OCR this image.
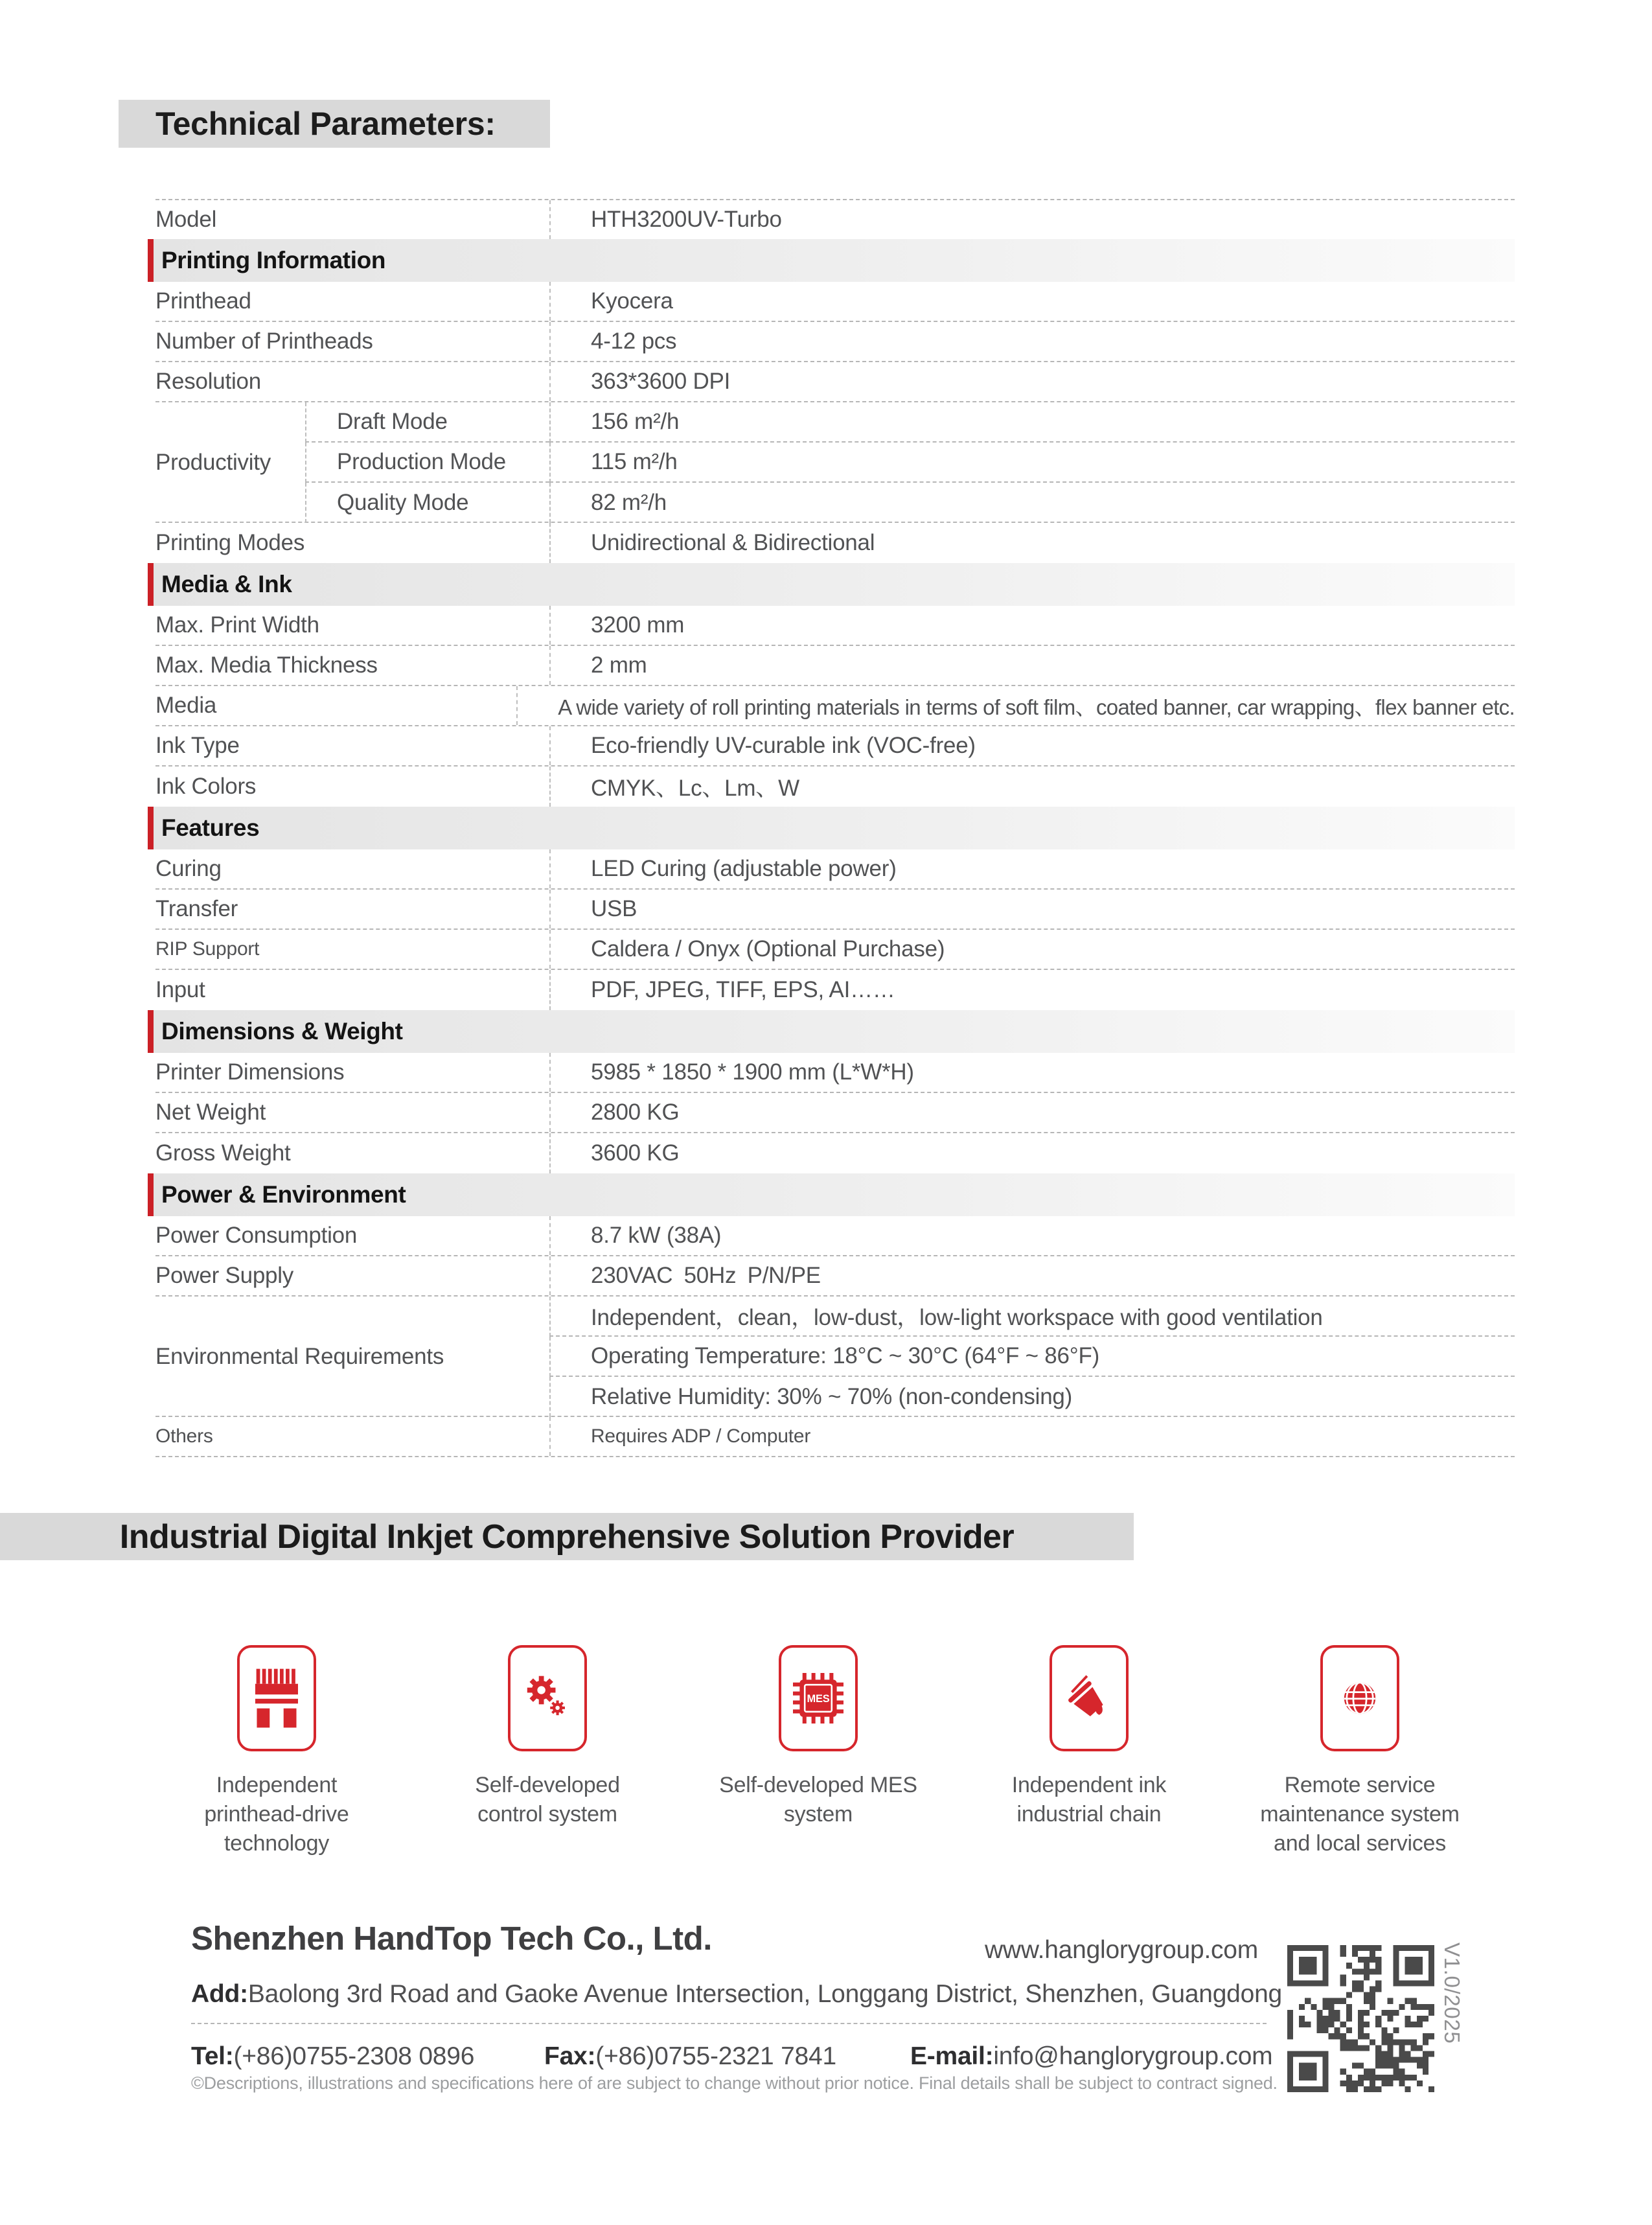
Technical Parameters:
Model	HTH3200UV-Turbo
Printing Information
Printhead	Kyocera
Number of Printheads	4-12 pcs
Resolution	363*3600 DPI
Productivity
Draft Mode	156 m²/h
Production Mode	115 m²/h
Quality Mode	82 m²/h
Printing Modes	Unidirectional & Bidirectional
Media & Ink
Max. Print Width	3200 mm
Max. Media Thickness	2 mm
Media	A wide variety of roll printing materials in terms of soft film、coated banner, car wrapping、flex banner etc.
Ink Type	Eco-friendly UV-curable ink (VOC-free)
Ink Colors	CMYK、Lc、Lm、W
Features
Curing	LED Curing (adjustable power)
Transfer	USB
RIP Support	Caldera / Onyx (Optional Purchase)
Input	PDF, JPEG, TIFF, EPS, AI……
Dimensions & Weight
Printer Dimensions	5985 * 1850 * 1900 mm (L*W*H)
Net Weight	2800 KG
Gross Weight	3600 KG
Power & Environment
Power Consumption	8.7 kW (38A)
Power Supply	230VAC 50Hz P/N/PE
Environmental Requirements
Independent，clean，low-dust，low-light workspace with good ventilation
Operating Temperature: 18°C ~ 30°C (64°F ~ 86°F)
Relative Humidity: 30% ~ 70% (non-condensing)
Others	Requires ADP / Computer
Industrial Digital Inkjet Comprehensive Solution Provider
Independent printhead-drive technology
Self-developed control system
MES
Self-developed MES system
Independent ink industrial chain
Remote service maintenance system and local services
Shenzhen HandTop Tech Co., Ltd.	www.hanglorygroup.com
Add:Baolong 3rd Road and Gaoke Avenue Intersection, Longgang District, Shenzhen, Guangdong
Tel:(+86)0755-2308 0896	Fax:(+86)0755-2321 7841	E-mail:info@hanglorygroup.com
©Descriptions, illustrations and specifications here of are subject to change without prior notice. Final details shall be subject to contract signed.
V1.0/2025
